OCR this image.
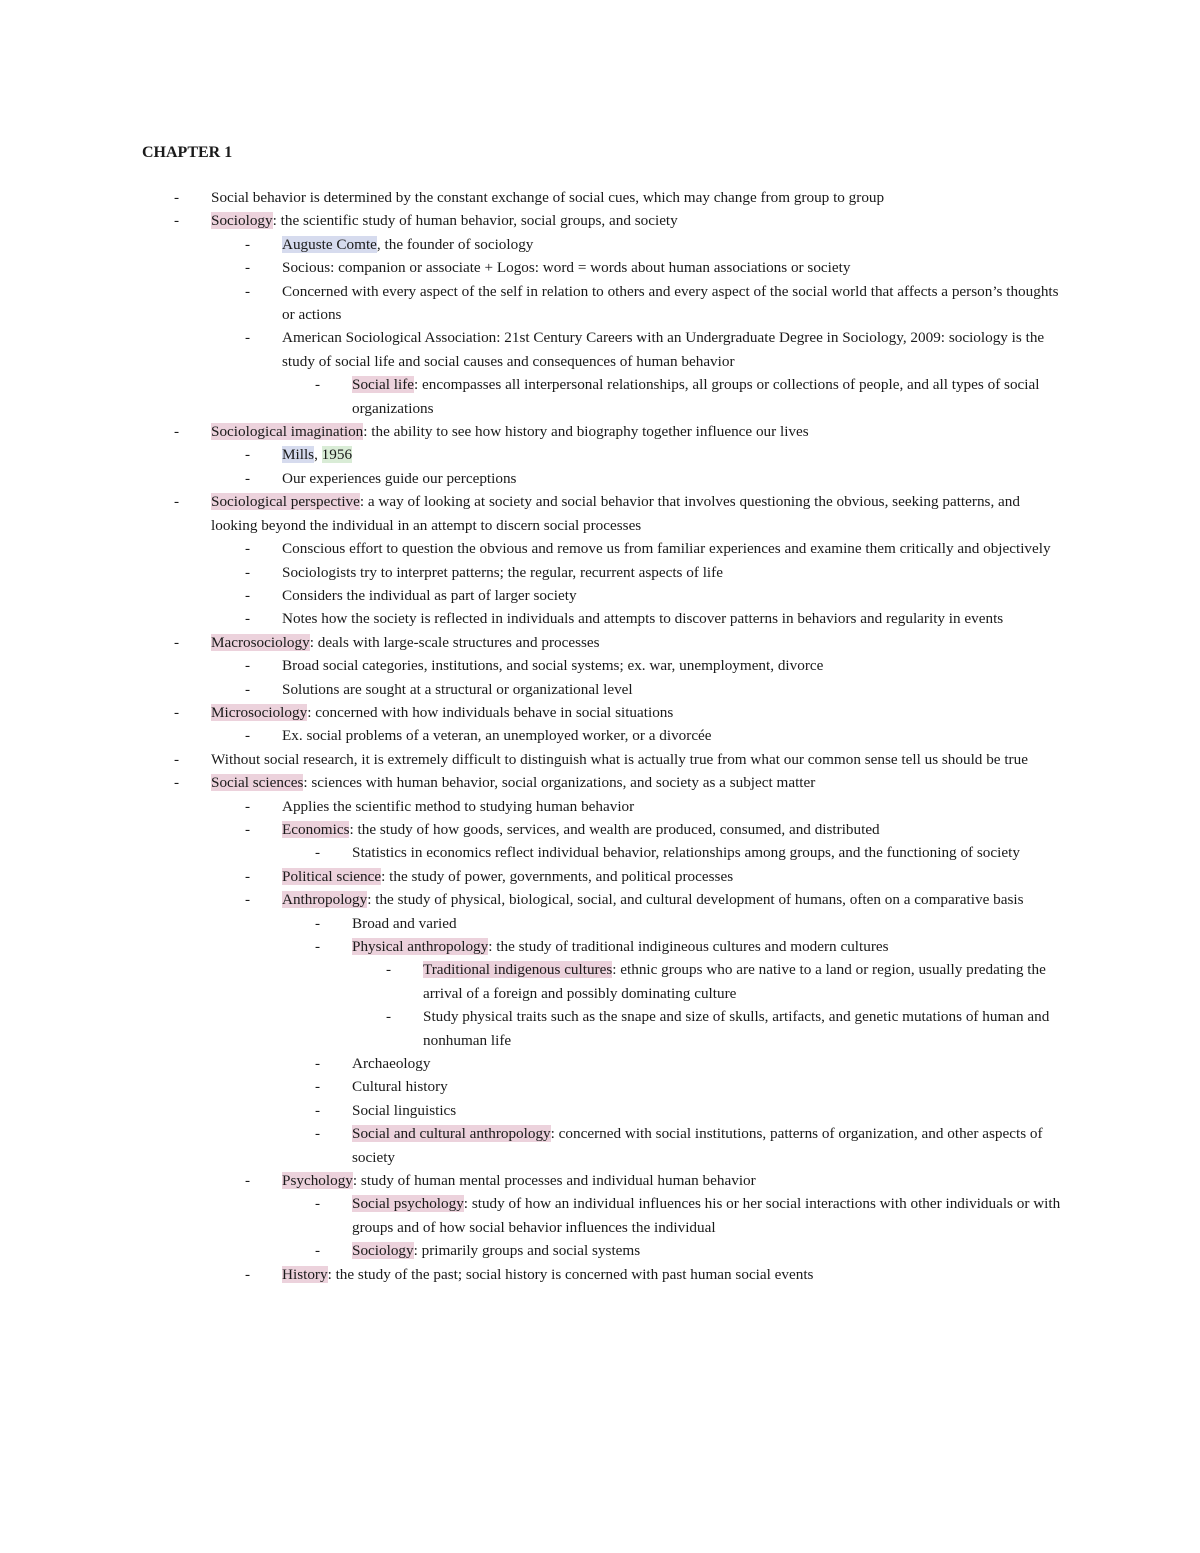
CHAPTER 1
- Social behavior is determined by the constant exchange of social cues, which may change from group to group
- Sociology: the scientific study of human behavior, social groups, and society
- Auguste Comte, the founder of sociology
- Socious: companion or associate + Logos: word = words about human associations or society
- Concerned with every aspect of the self in relation to others and every aspect of the social world that affects a person’s thoughts or actions
- American Sociological Association: 21st Century Careers with an Undergraduate Degree in Sociology, 2009: sociology is the study of social life and social causes and consequences of human behavior
- Social life: encompasses all interpersonal relationships, all groups or collections of people, and all types of social organizations
- Sociological imagination: the ability to see how history and biography together influence our lives
- Mills, 1956
- Our experiences guide our perceptions
- Sociological perspective: a way of looking at society and social behavior that involves questioning the obvious, seeking patterns, and looking beyond the individual in an attempt to discern social processes
- Conscious effort to question the obvious and remove us from familiar experiences and examine them critically and objectively
- Sociologists try to interpret patterns; the regular, recurrent aspects of life
- Considers the individual as part of larger society
- Notes how the society is reflected in individuals and attempts to discover patterns in behaviors and regularity in events
- Macrosociology: deals with large-scale structures and processes
- Broad social categories, institutions, and social systems; ex. war, unemployment, divorce
- Solutions are sought at a structural or organizational level
- Microsociology: concerned with how individuals behave in social situations
- Ex. social problems of a veteran, an unemployed worker, or a divorcée
- Without social research, it is extremely difficult to distinguish what is actually true from what our common sense tell us should be true
- Social sciences: sciences with human behavior, social organizations, and society as a subject matter
- Applies the scientific method to studying human behavior
- Economics: the study of how goods, services, and wealth are produced, consumed, and distributed
- Statistics in economics reflect individual behavior, relationships among groups, and the functioning of society
- Political science: the study of power, governments, and political processes
- Anthropology: the study of physical, biological, social, and cultural development of humans, often on a comparative basis
- Broad and varied
- Physical anthropology: the study of traditional indigineous cultures and modern cultures
- Traditional indigenous cultures: ethnic groups who are native to a land or region, usually predating the arrival of a foreign and possibly dominating culture
- Study physical traits such as the snape and size of skulls, artifacts, and genetic mutations of human and nonhuman life
- Archaeology
- Cultural history
- Social linguistics
- Social and cultural anthropology: concerned with social institutions, patterns of organization, and other aspects of society
- Psychology: study of human mental processes and individual human behavior
- Social psychology: study of how an individual influences his or her social interactions with other individuals or with groups and of how social behavior influences the individual
- Sociology: primarily groups and social systems
- History: the study of the past; social history is concerned with past human social events
